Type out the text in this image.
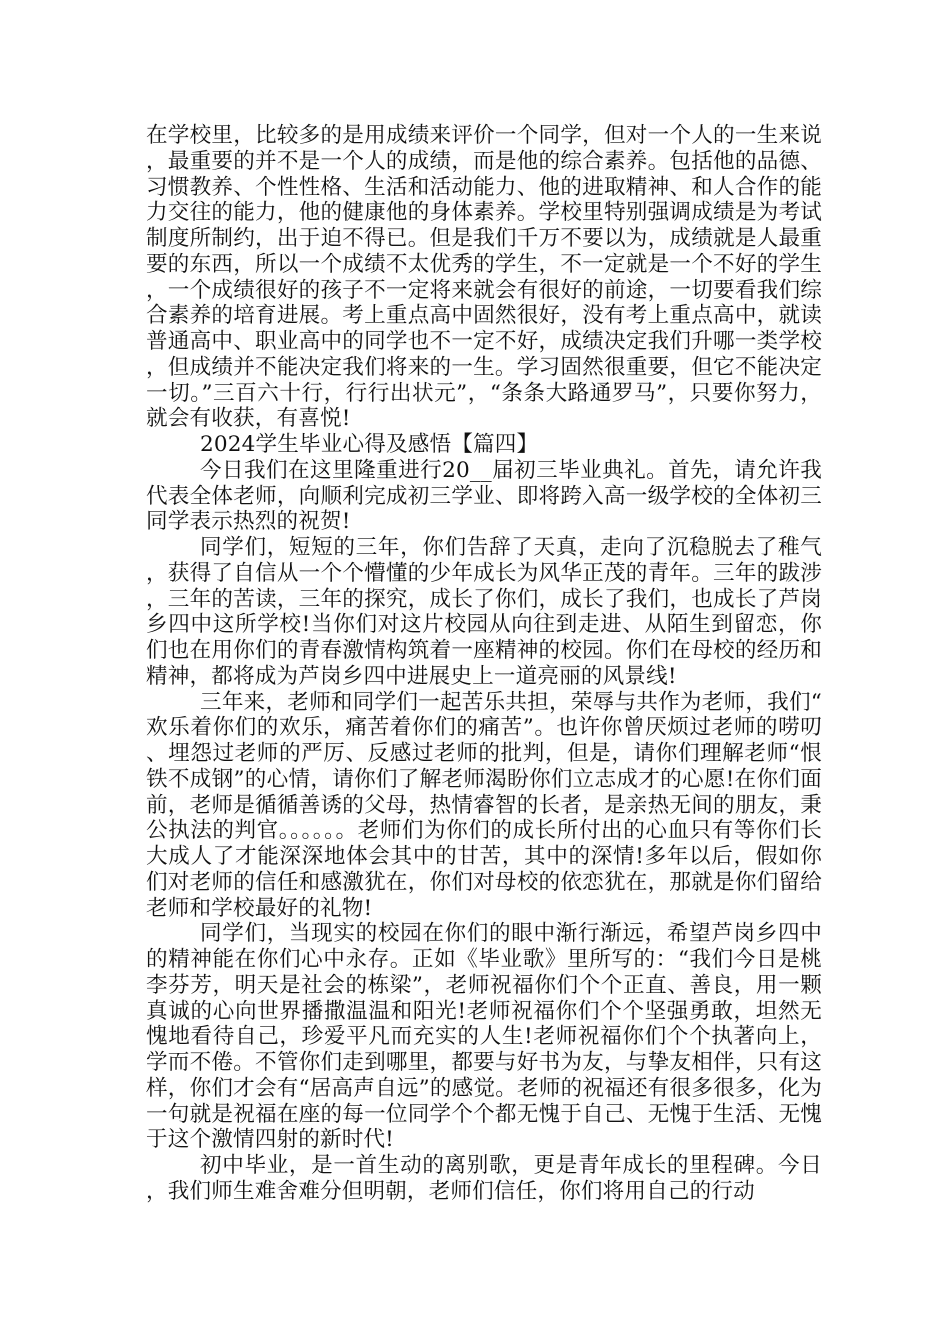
在学校里，比较多的是用成绩来评价一个同学，但对一个人的一生来说，最重要的并不是一个人的成绩，而是他的综合素养。包括他的品德、习惯教养、个性性格、生活和活动能力、他的进取精神、和人合作的能力交往的能力，他的健康他的身体素养。学校里特别强调成绩是为考试制度所制约，出于迫不得已。但是我们千万不要以为，成绩就是人最重要的东西，所以一个成绩不太优秀的学生，不一定就是一个不好的学生，一个成绩很好的孩子不一定将来就会有很好的前途，一切要看我们综合素养的培育进展。考上重点高中固然很好，没有考上重点高中，就读普通高中、职业高中的同学也不一定不好，成绩决定我们升哪一类学校，但成绩并不能决定我们将来的一生。学习固然很重要，但它不能决定一切。”三百六十行，行行出状元”，“条条大路通罗马”，只要你努力，就会有收获，有喜悦!

2024学生毕业心得及感悟【篇四】

今日我们在这里隆重进行20__届初三毕业典礼。首先，请允许我代表全体老师，向顺利完成初三学业、即将跨入高一级学校的全体初三同学表示热烈的祝贺!

同学们，短短的三年，你们告辞了天真，走向了沉稳脱去了稚气，获得了自信从一个个懵懂的少年成长为风华正茂的青年。三年的跋涉，三年的苦读，三年的探究，成长了你们，成长了我们，也成长了芦岗乡四中这所学校!当你们对这片校园从向往到走进、从陌生到留恋，你们也在用你们的青春激情构筑着一座精神的校园。你们在母校的经历和精神，都将成为芦岗乡四中进展史上一道亮丽的风景线!

三年来，老师和同学们一起苦乐共担，荣辱与共作为老师，我们“欢乐着你们的欢乐，痛苦着你们的痛苦”。也许你曾厌烦过老师的唠叨、埋怨过老师的严厉、反感过老师的批判，但是，请你们理解老师“恨铁不成钢”的心情，请你们了解老师渴盼你们立志成才的心愿!在你们面前，老师是循循善诱的父母，热情睿智的长者，是亲热无间的朋友，秉公执法的判官。。。。。。老师们为你们的成长所付出的心血只有等你们长大成人了才能深深地体会其中的甘苦，其中的深情!多年以后，假如你们对老师的信任和感激犹在，你们对母校的依恋犹在，那就是你们留给老师和学校最好的礼物!

同学们，当现实的校园在你们的眼中渐行渐远，希望芦岗乡四中的精神能在你们心中永存。正如《毕业歌》里所写的：“我们今日是桃李芬芳，明天是社会的栋梁”，老师祝福你们个个正直、善良，用一颗真诚的心向世界播撒温温和阳光!老师祝福你们个个坚强勇敢，坦然无愧地看待自己，珍爱平凡而充实的人生!老师祝福你们个个执著向上，学而不倦。不管你们走到哪里，都要与好书为友，与挚友相伴，只有这样，你们才会有“居高声自远”的感觉。老师的祝福还有很多很多，化为一句就是祝福在座的每一位同学个个都无愧于自己、无愧于生活、无愧于这个激情四射的新时代!

初中毕业，是一首生动的离别歌，更是青年成长的里程碑。今日，我们师生难舍难分但明朝，老师们信任，你们将用自己的行动
